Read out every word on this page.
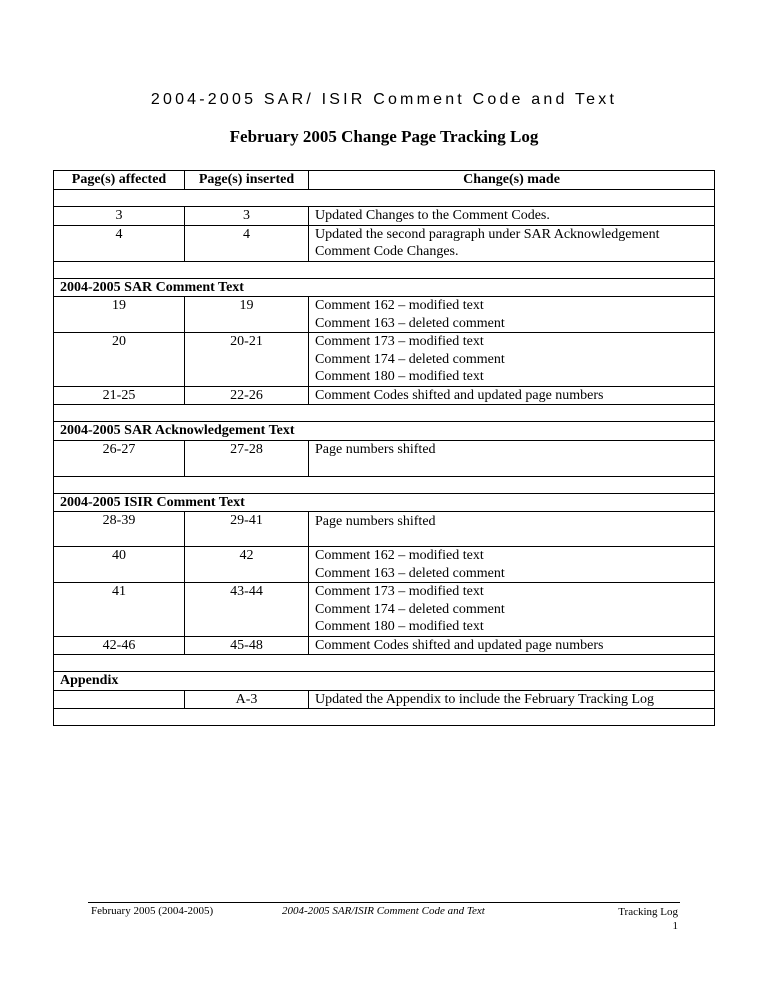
2004-2005 SAR/ ISIR Comment Code and Text
February 2005 Change Page Tracking Log
Page(s) affected	Page(s) inserted	Change(s) made

3	3	Updated Changes to the Comment Codes.

4	4	Updated the second paragraph under SAR Acknowledgement
Comment Code Changes.

2004-2005 SAR Comment Text		
19	19	Comment 162 – modified text
Comment 163 – deleted comment

20	20-21	Comment 173 – modified text
Comment 174 – deleted comment
Comment 180 – modified text

21-25	22-26	Comment Codes shifted and updated page numbers

2004-2005 SAR Acknowledgement Text		
26-27	27-28	Page numbers shifted

2004-2005 ISIR Comment Text		
28-39	29-41	Page numbers shifted

40	42	Comment 162 – modified text
Comment 163 – deleted comment

41	43-44	Comment 173 – modified text
Comment 174 – deleted comment
Comment 180 – modified text

42-46	45-48	Comment Codes shifted and updated page numbers

Appendix		
	A-3	Updated the Appendix to include the February Tracking Log

February 2005 (2004-2005)	2004-2005 SAR/ISIR Comment Code and Text	Tracking Log
1
